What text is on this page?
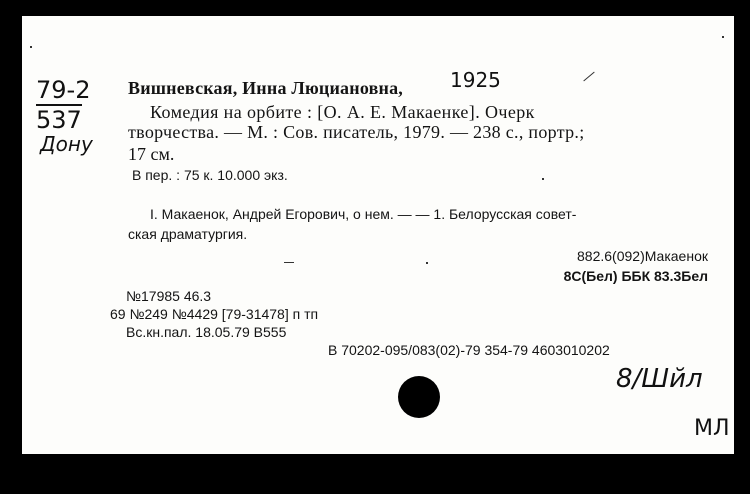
79-2
537
Дону
Вишневская, Инна Люциановна, 1925
Комедия на орбите : [О. А. Е. Макаенке]. Очерк
творчества. — М. : Сов. писатель, 1979. — 238 с., портр.;
17 см.
В пер. : 75 к. 10.000 экз.
I. Макаенок, Андрей Егорович, о нем. — — 1. Белорусская совет-
ская драматургия.
882.6(092)Макаенок
8С(Бел) ББК 83.3Бел
№17985 46.3
69 №249 №4429 [79-31478] п тп
Вс.кн.пал. 18.05.79 В555
В 70202-095/083(02)-79 354-79 4603010202
8/Шйл
МЛ
